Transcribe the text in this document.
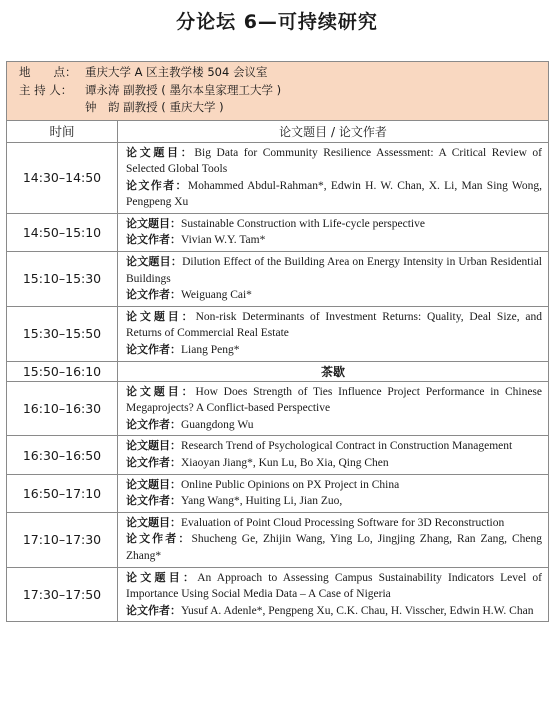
分论坛 6—可持续研究
地　　点： 重庆大学 A 区主教学楼 504 会议室
主 持 人： 谭永涛 副教授 ( 墨尔本皇家理工大学 )
钟　韵 副教授 ( 重庆大学 )
时间	论文题目 / 论文作者
14:30–14:50	论文题目：Big Data for Community Resilience Assessment: A Critical Review of Selected Global Tools
论文作者：Mohammed Abdul-Rahman*, Edwin H. W. Chan, X. Li, Man Sing Wong, Pengpeng Xu

14:50–15:10	论文题目：Sustainable Construction with Life-cycle perspective
论文作者：Vivian W.Y. Tam*

15:10–15:30	论文题目：Dilution Effect of the Building Area on Energy Intensity in Urban Residential Buildings
论文作者：Weiguang Cai*

15:30–15:50	论文题目：Non-risk Determinants of Investment Returns: Quality, Deal Size, and Returns of Commercial Real Estate
论文作者：Liang Peng*

15:50–16:10	茶歇
16:10–16:30	论文题目：How Does Strength of Ties Influence Project Performance in Chinese Megaprojects? A Conflict-based Perspective
论文作者：Guangdong Wu

16:30–16:50	论文题目：Research Trend of Psychological Contract in Construction Management
论文作者：Xiaoyan Jiang*, Kun Lu, Bo Xia, Qing Chen

16:50–17:10	论文题目：Online Public Opinions on PX Project in China
论文作者：Yang Wang*, Huiting Li, Jian Zuo,

17:10–17:30	论文题目：Evaluation of Point Cloud Processing Software for 3D Reconstruction
论文作者：Shucheng Ge, Zhijin Wang, Ying Lo, Jingjing Zhang, Ran Zang, Cheng Zhang*

17:30–17:50	论文题目：An Approach to Assessing Campus Sustainability Indicators Level of Importance Using Social Media Data – A Case of Nigeria
论文作者：Yusuf A. Adenle*, Pengpeng Xu, C.K. Chau, H. Visscher, Edwin H.W. Chan
